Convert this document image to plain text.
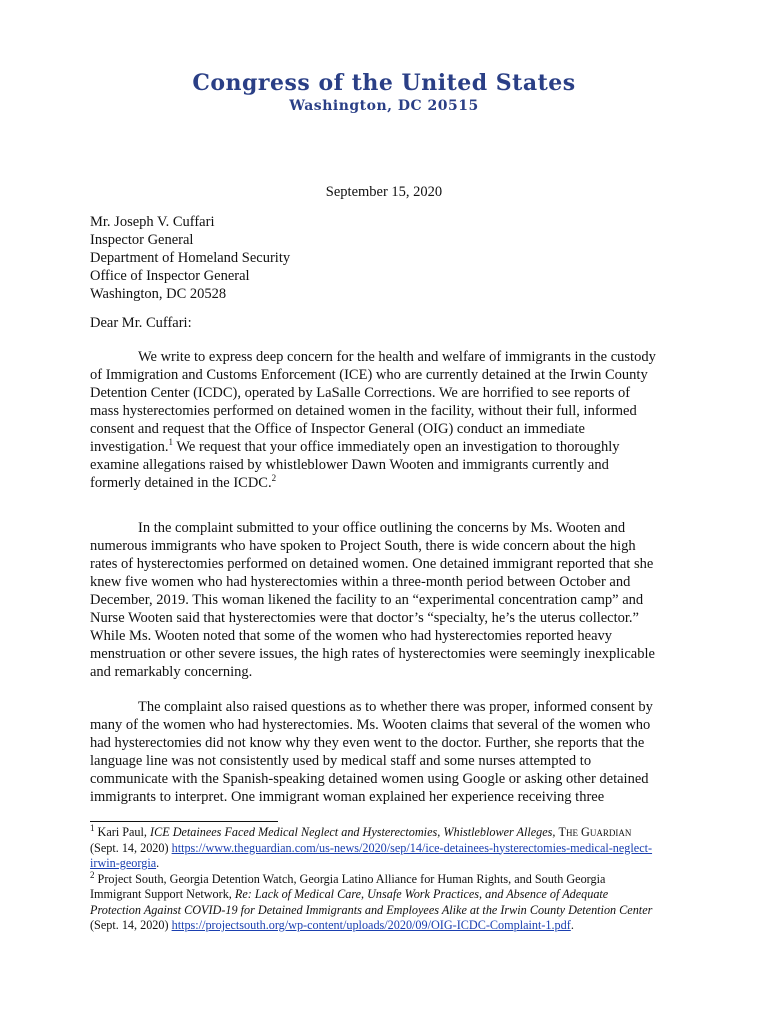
Congress of the United States
Washington, DC 20515
September 15, 2020
Mr. Joseph V. Cuffari
Inspector General
Department of Homeland Security
Office of Inspector General
Washington, DC 20528
Dear Mr. Cuffari:
We write to express deep concern for the health and welfare of immigrants in the custody
of Immigration and Customs Enforcement (ICE) who are currently detained at the Irwin County
Detention Center (ICDC), operated by LaSalle Corrections. We are horrified to see reports of
mass hysterectomies performed on detained women in the facility, without their full, informed
consent and request that the Office of Inspector General (OIG) conduct an immediate
investigation.$^1$ We request that your office immediately open an investigation to thoroughly
examine allegations raised by whistleblower Dawn Wooten and immigrants currently and
formerly detained in the ICDC.$^2$
In the complaint submitted to your office outlining the concerns by Ms. Wooten and
numerous immigrants who have spoken to Project South, there is wide concern about the high
rates of hysterectomies performed on detained women. One detained immigrant reported that she
knew five women who had hysterectomies within a three-month period between October and
December, 2019. This woman likened the facility to an “experimental concentration camp” and
Nurse Wooten said that hysterectomies were that doctor’s “specialty, he’s the uterus collector.”
While Ms. Wooten noted that some of the women who had hysterectomies reported heavy
menstruation or other severe issues, the high rates of hysterectomies were seemingly inexplicable
and remarkably concerning.
The complaint also raised questions as to whether there was proper, informed consent by
many of the women who had hysterectomies. Ms. Wooten claims that several of the women who
had hysterectomies did not know why they even went to the doctor. Further, she reports that the
language line was not consistently used by medical staff and some nurses attempted to
communicate with the Spanish-speaking detained women using Google or asking other detained
immigrants to interpret. One immigrant woman explained her experience receiving three
$^1$ Kari Paul, ICE Detainees Faced Medical Neglect and Hysterectomies, Whistleblower Alleges, The Guardian
(Sept. 14, 2020) https://www.theguardian.com/us-news/2020/sep/14/ice-detainees-hysterectomies-medical-neglect-
irwin-georgia.
$^2$ Project South, Georgia Detention Watch, Georgia Latino Alliance for Human Rights, and South Georgia
Immigrant Support Network, Re: Lack of Medical Care, Unsafe Work Practices, and Absence of Adequate
Protection Against COVID-19 for Detained Immigrants and Employees Alike at the Irwin County Detention Center
(Sept. 14, 2020) https://projectsouth.org/wp-content/uploads/2020/09/OIG-ICDC-Complaint-1.pdf.
